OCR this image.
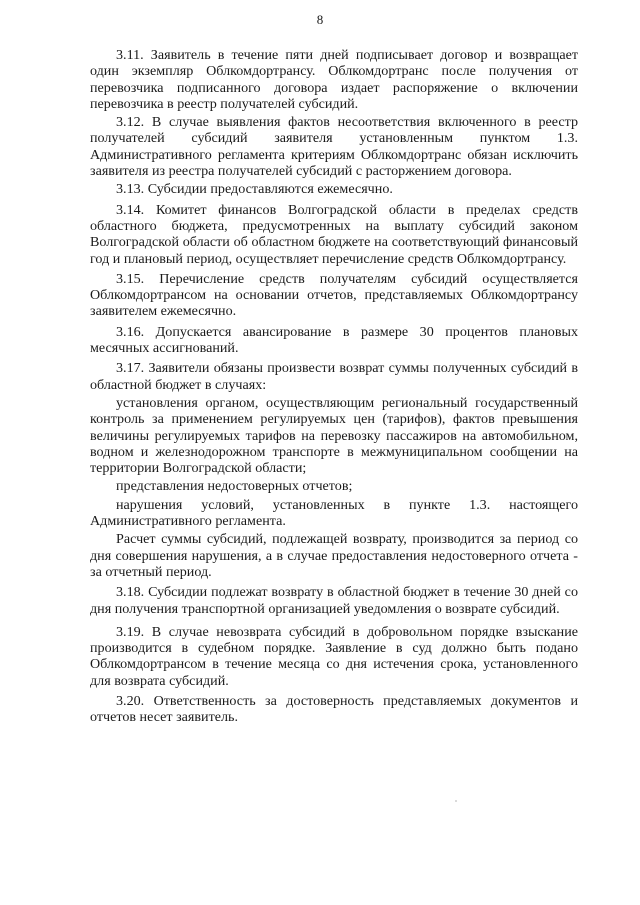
8

3.11. Заявитель в течение пяти дней подписывает договор и возвращает один экземпляр Облкомдортрансу. Облкомдортранс после получения от перевозчика подписанного договора издает распоряжение о включении перевозчика в реестр получателей субсидий.

3.12. В случае выявления фактов несоответствия включенного в реестр получателей субсидий заявителя установленным пунктом 1.3. Административного регламента критериям Облкомдортранс обязан исключить заявителя из реестра получателей субсидий с расторжением договора.

3.13. Субсидии предоставляются ежемесячно.

3.14. Комитет финансов Волгоградской области в пределах средств областного бюджета, предусмотренных на выплату субсидий законом Волгоградской области об областном бюджете на соответствующий финансовый год и плановый период, осуществляет перечисление средств Облкомдортрансу.

3.15. Перечисление средств получателям субсидий осуществляется Облкомдортрансом на основании отчетов, представляемых Облкомдортрансу заявителем ежемесячно.

3.16. Допускается авансирование в размере 30 процентов плановых месячных ассигнований.

3.17. Заявители обязаны произвести возврат суммы полученных субсидий в областной бюджет в случаях:

установления органом, осуществляющим региональный государственный контроль за применением регулируемых цен (тарифов), фактов превышения величины регулируемых тарифов на перевозку пассажиров на автомобильном, водном и железнодорожном транспорте в межмуниципальном сообщении на территории Волгоградской области;

представления недостоверных отчетов;

нарушения условий, установленных в пункте 1.3. настоящего Административного регламента.

Расчет суммы субсидий, подлежащей возврату, производится за период со дня совершения нарушения, а в случае предоставления недостоверного отчета - за отчетный период.

3.18. Субсидии подлежат возврату в областной бюджет в течение 30 дней со дня получения транспортной организацией уведомления о возврате субсидий.

3.19. В случае невозврата субсидий в добровольном порядке взыскание производится в судебном порядке. Заявление в суд должно быть подано Облкомдортрансом в течение месяца со дня истечения срока, установленного для возврата субсидий.

3.20. Ответственность за достоверность представляемых документов и отчетов несет заявитель.
